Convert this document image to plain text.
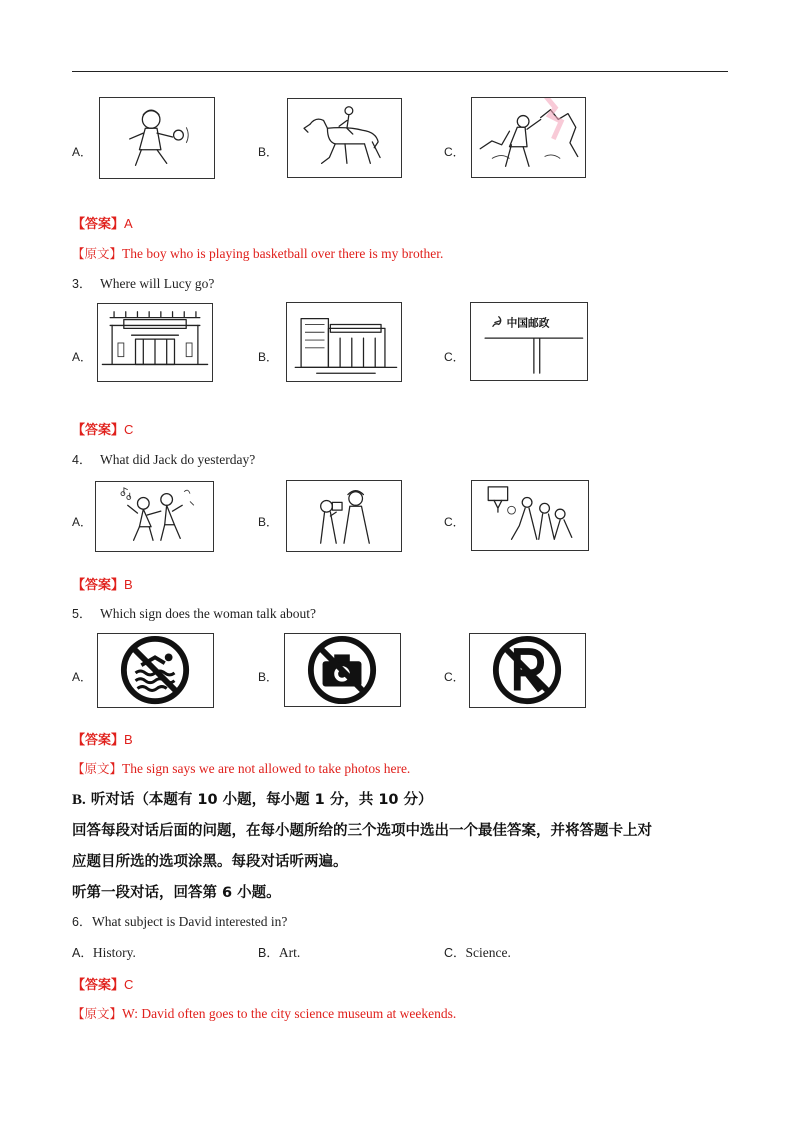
A．	B．	C．
【答案】A
【原文】The boy who is playing basketball over there is my brother.
3． Where will Lucy go?
A．	B．	C．
中国邮政
【答案】C
4． What did Jack do yesterday?
A．	B．	C．
【答案】B
5． Which sign does the woman talk about?
A．	B．	C．
【答案】B
【原文】The sign says we are not allowed to take photos here.
B. 听对话（本题有 10 小题，每小题 1 分，共 10 分）
回答每段对话后面的问题，在每小题所给的三个选项中选出一个最佳答案，并将答题卡上对
应题目所选的选项涂黑。每段对话听两遍。
听第一段对话，回答第 6 小题。
6．What subject is David interested in?
A．History.	B．Art.	C．Science.
【答案】C
【原文】W: David often goes to the city science museum at weekends.
